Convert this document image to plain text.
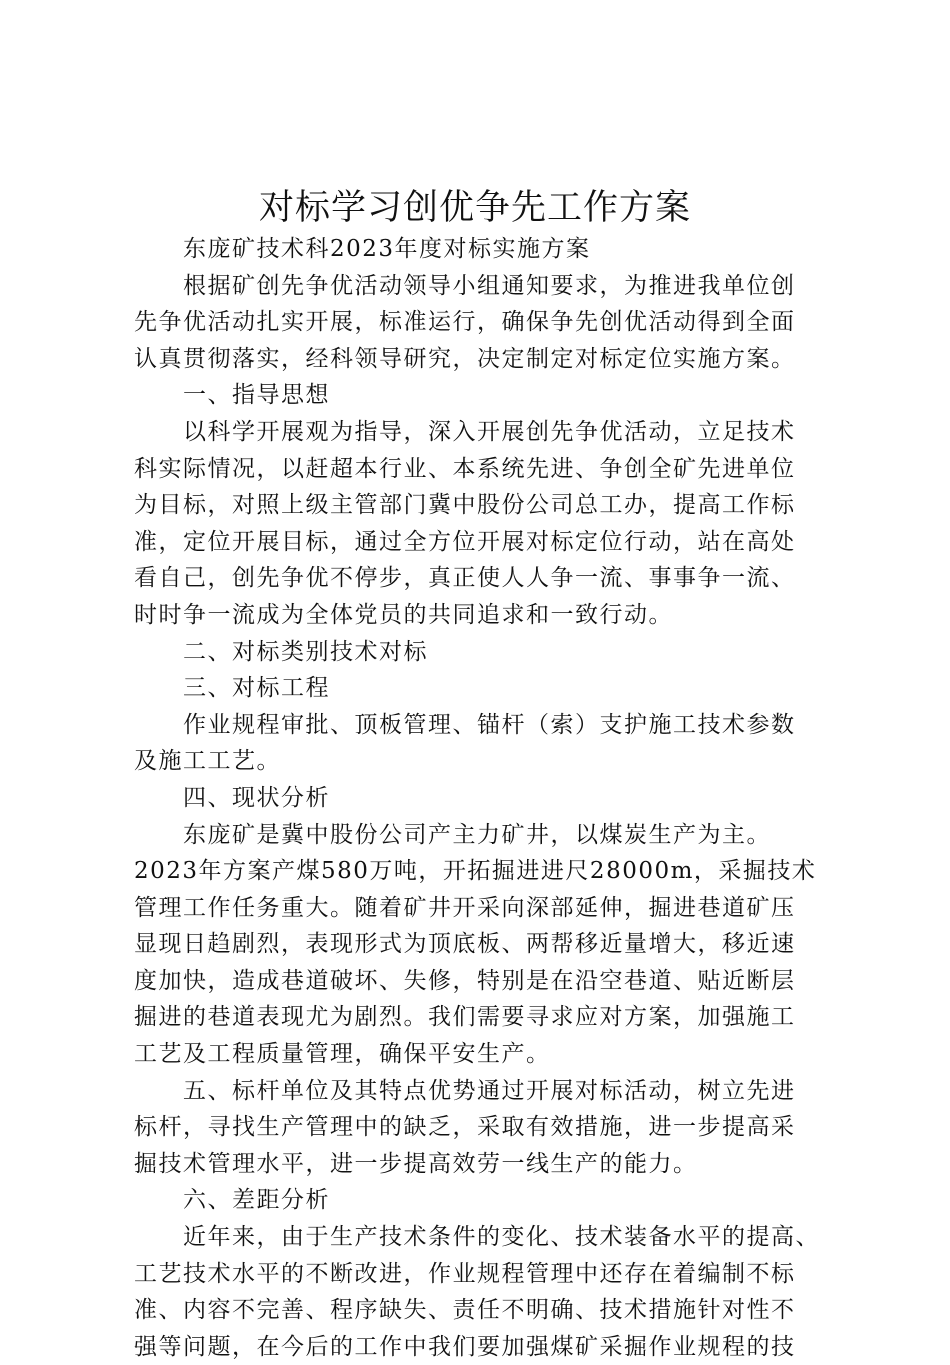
对标学习创优争先工作方案

东庞矿技术科2023年度对标实施方案

根据矿创先争优活动领导小组通知要求，为推进我单位创

先争优活动扎实开展，标准运行，确保争先创优活动得到全面

认真贯彻落实，经科领导研究，决定制定对标定位实施方案。

一、指导思想

以科学开展观为指导，深入开展创先争优活动，立足技术

科实际情况，以赶超本行业、本系统先进、争创全矿先进单位

为目标，对照上级主管部门冀中股份公司总工办，提高工作标

准，定位开展目标，通过全方位开展对标定位行动，站在高处

看自己，创先争优不停步，真正使人人争一流、事事争一流、

时时争一流成为全体党员的共同追求和一致行动。

二、对标类别技术对标

三、对标工程

作业规程审批、顶板管理、锚杆（索）支护施工技术参数

及施工工艺。

四、现状分析

东庞矿是冀中股份公司产主力矿井，以煤炭生产为主。

2023年方案产煤580万吨，开拓掘进进尺28000m，采掘技术

管理工作任务重大。随着矿井开采向深部延伸，掘进巷道矿压

显现日趋剧烈，表现形式为顶底板、两帮移近量增大，移近速

度加快，造成巷道破坏、失修，特别是在沿空巷道、贴近断层

掘进的巷道表现尤为剧烈。我们需要寻求应对方案，加强施工

工艺及工程质量管理，确保平安生产。

五、标杆单位及其特点优势通过开展对标活动，树立先进

标杆，寻找生产管理中的缺乏，采取有效措施，进一步提高采

掘技术管理水平，进一步提高效劳一线生产的能力。

六、差距分析

近年来，由于生产技术条件的变化、技术装备水平的提高、

工艺技术水平的不断改进，作业规程管理中还存在着编制不标

准、内容不完善、程序缺失、责任不明确、技术措施针对性不

强等问题，在今后的工作中我们要加强煤矿采掘作业规程的技
